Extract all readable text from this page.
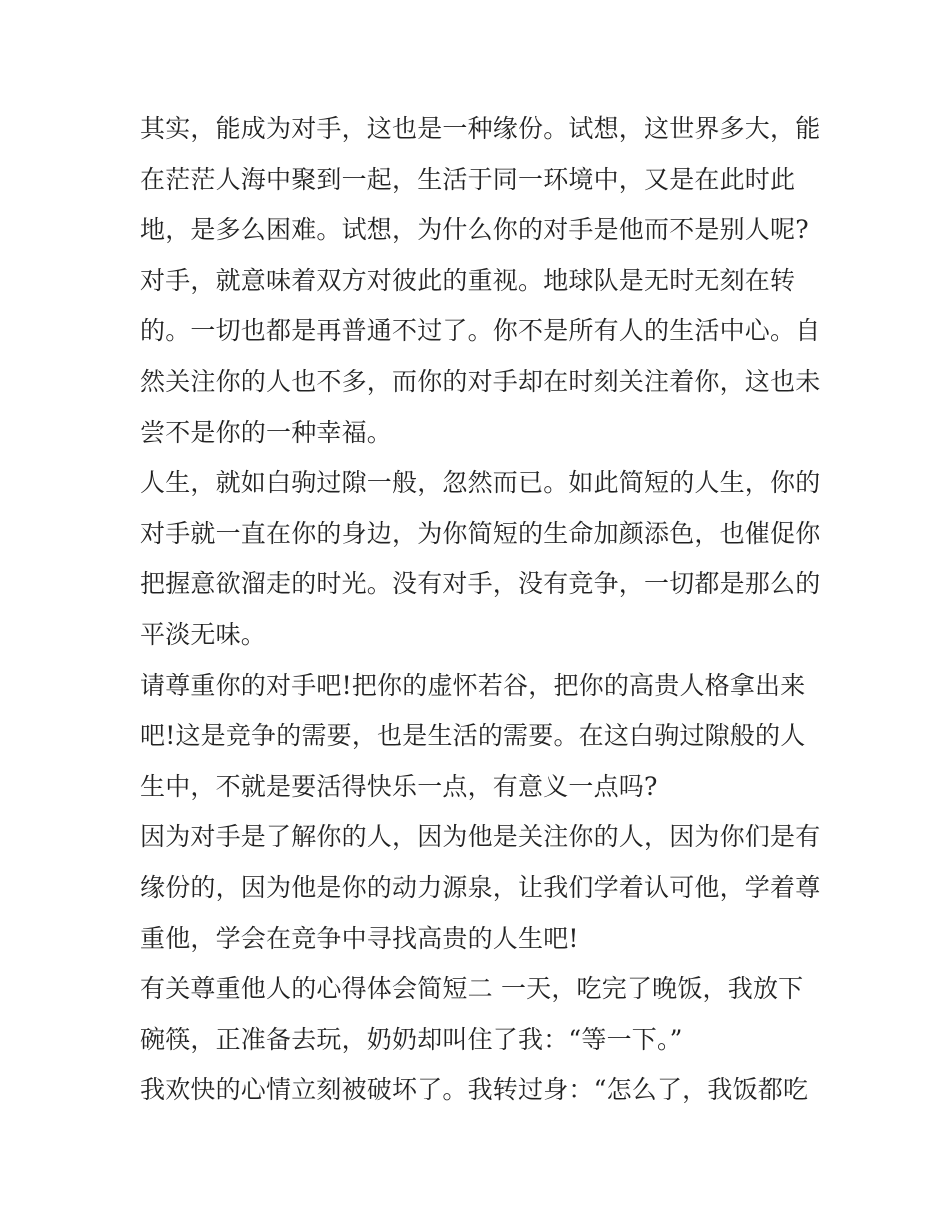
其实，能成为对手，这也是一种缘份。试想，这世界多大，能
在茫茫人海中聚到一起，生活于同一环境中，又是在此时此
地，是多么困难。试想，为什么你的对手是他而不是别人呢?
对手，就意味着双方对彼此的重视。地球队是无时无刻在转
的。一切也都是再普通不过了。你不是所有人的生活中心。自
然关注你的人也不多，而你的对手却在时刻关注着你，这也未
尝不是你的一种幸福。
人生，就如白驹过隙一般，忽然而已。如此简短的人生，你的
对手就一直在你的身边，为你简短的生命加颜添色，也催促你
把握意欲溜走的时光。没有对手，没有竞争，一切都是那么的
平淡无味。
请尊重你的对手吧!把你的虚怀若谷，把你的高贵人格拿出来
吧!这是竞争的需要，也是生活的需要。在这白驹过隙般的人
生中，不就是要活得快乐一点，有意义一点吗?
因为对手是了解你的人，因为他是关注你的人，因为你们是有
缘份的，因为他是你的动力源泉，让我们学着认可他，学着尊
重他，学会在竞争中寻找高贵的人生吧!
有关尊重他人的心得体会简短二 一天，吃完了晚饭，我放下
碗筷，正准备去玩，奶奶却叫住了我：“等一下。”
我欢快的心情立刻被破坏了。我转过身：“怎么了，我饭都吃
